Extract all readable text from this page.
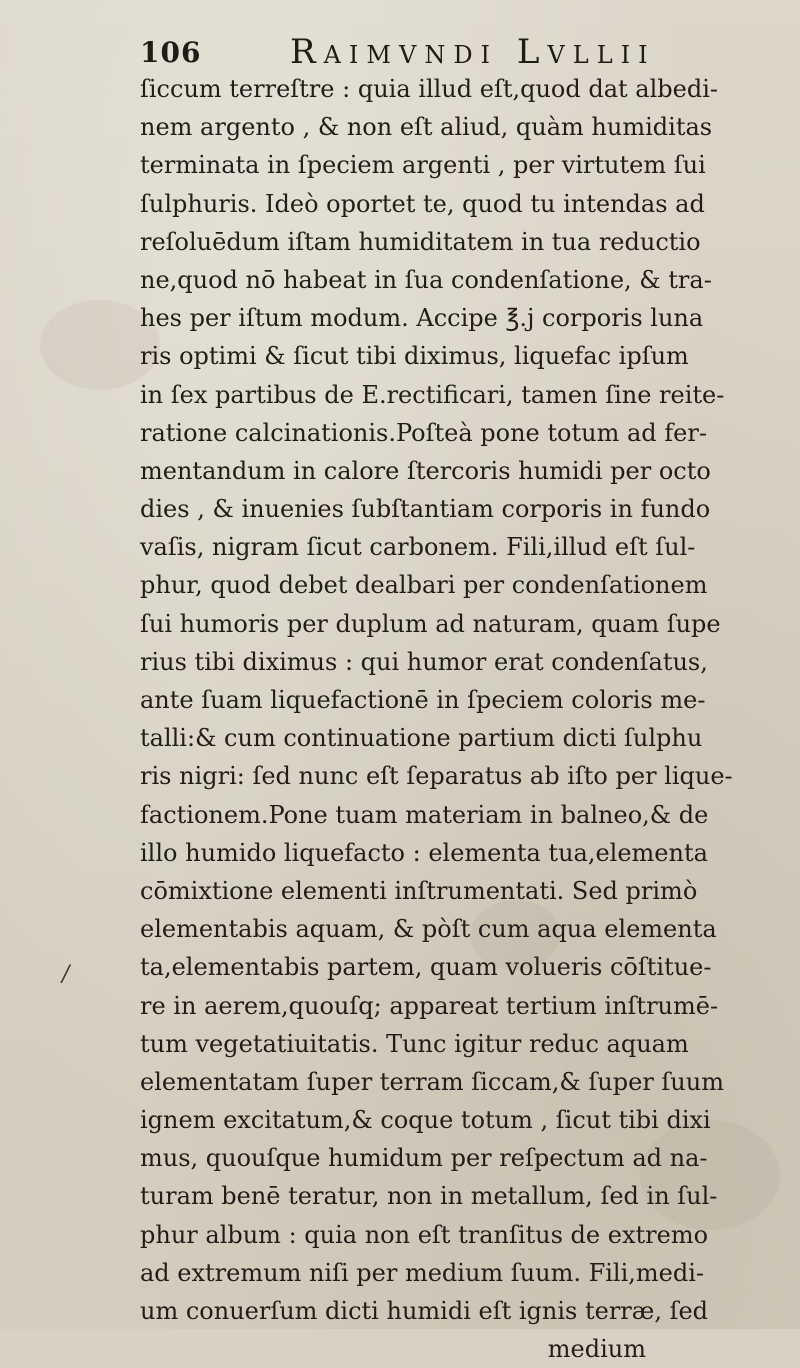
/
106	Raimvndi Lvllii
ſiccum terreſtre : quia illud eſt,quod dat albedi-
nem argento , & non eſt aliud, quàm humiditas
terminata in ſpeciem argenti , per virtutem ſui
ſulphuris. Ideò oportet te, quod tu intendas ad
reſoluēdum iſtam humiditatem in tua reductio
ne,quod nō habeat in ſua condenſatione, & tra-
hes per iſtum modum. Accipe ℥.j corporis luna
ris optimi & ſicut tibi diximus, liquefac ipſum
in ſex partibus de E.rectificari, tamen ſine reite-
ratione calcinationis.Poſteà pone totum ad fer-
mentandum in calore ſtercoris humidi per octo
dies , & inuenies ſubſtantiam corporis in fundo
vaſis, nigram ſicut carbonem. Fili,illud eſt ſul-
phur, quod debet dealbari per condenſationem
ſui humoris per duplum ad naturam, quam ſupe
rius tibi diximus : qui humor erat condenſatus,
ante ſuam liquefactionē in ſpeciem coloris me-
talli:& cum continuatione partium dicti ſulphu
ris nigri: ſed nunc eſt ſeparatus ab iſto per lique-
factionem.Pone tuam materiam in balneo,& de
illo humido liquefacto : elementa tua,elementa
cōmixtione elementi inſtrumentati. Sed primò
elementabis aquam, & pòſt cum aqua elementa
ta,elementabis partem, quam volueris cōſtitue-
re in aerem,quouſq; appareat tertium inſtrumē-
tum vegetatiuitatis. Tunc igitur reduc aquam
elementatam ſuper terram ſiccam,& ſuper ſuum
ignem excitatum,& coque totum , ſicut tibi dixi
mus, quouſque humidum per reſpectum ad na-
turam benē teratur, non in metallum, ſed in ſul-
phur album : quia non eſt tranſitus de extremo
ad extremum niſi per medium ſuum. Fili,medi-
um conuerſum dicti humidi eſt ignis terræ, ſed
medium
